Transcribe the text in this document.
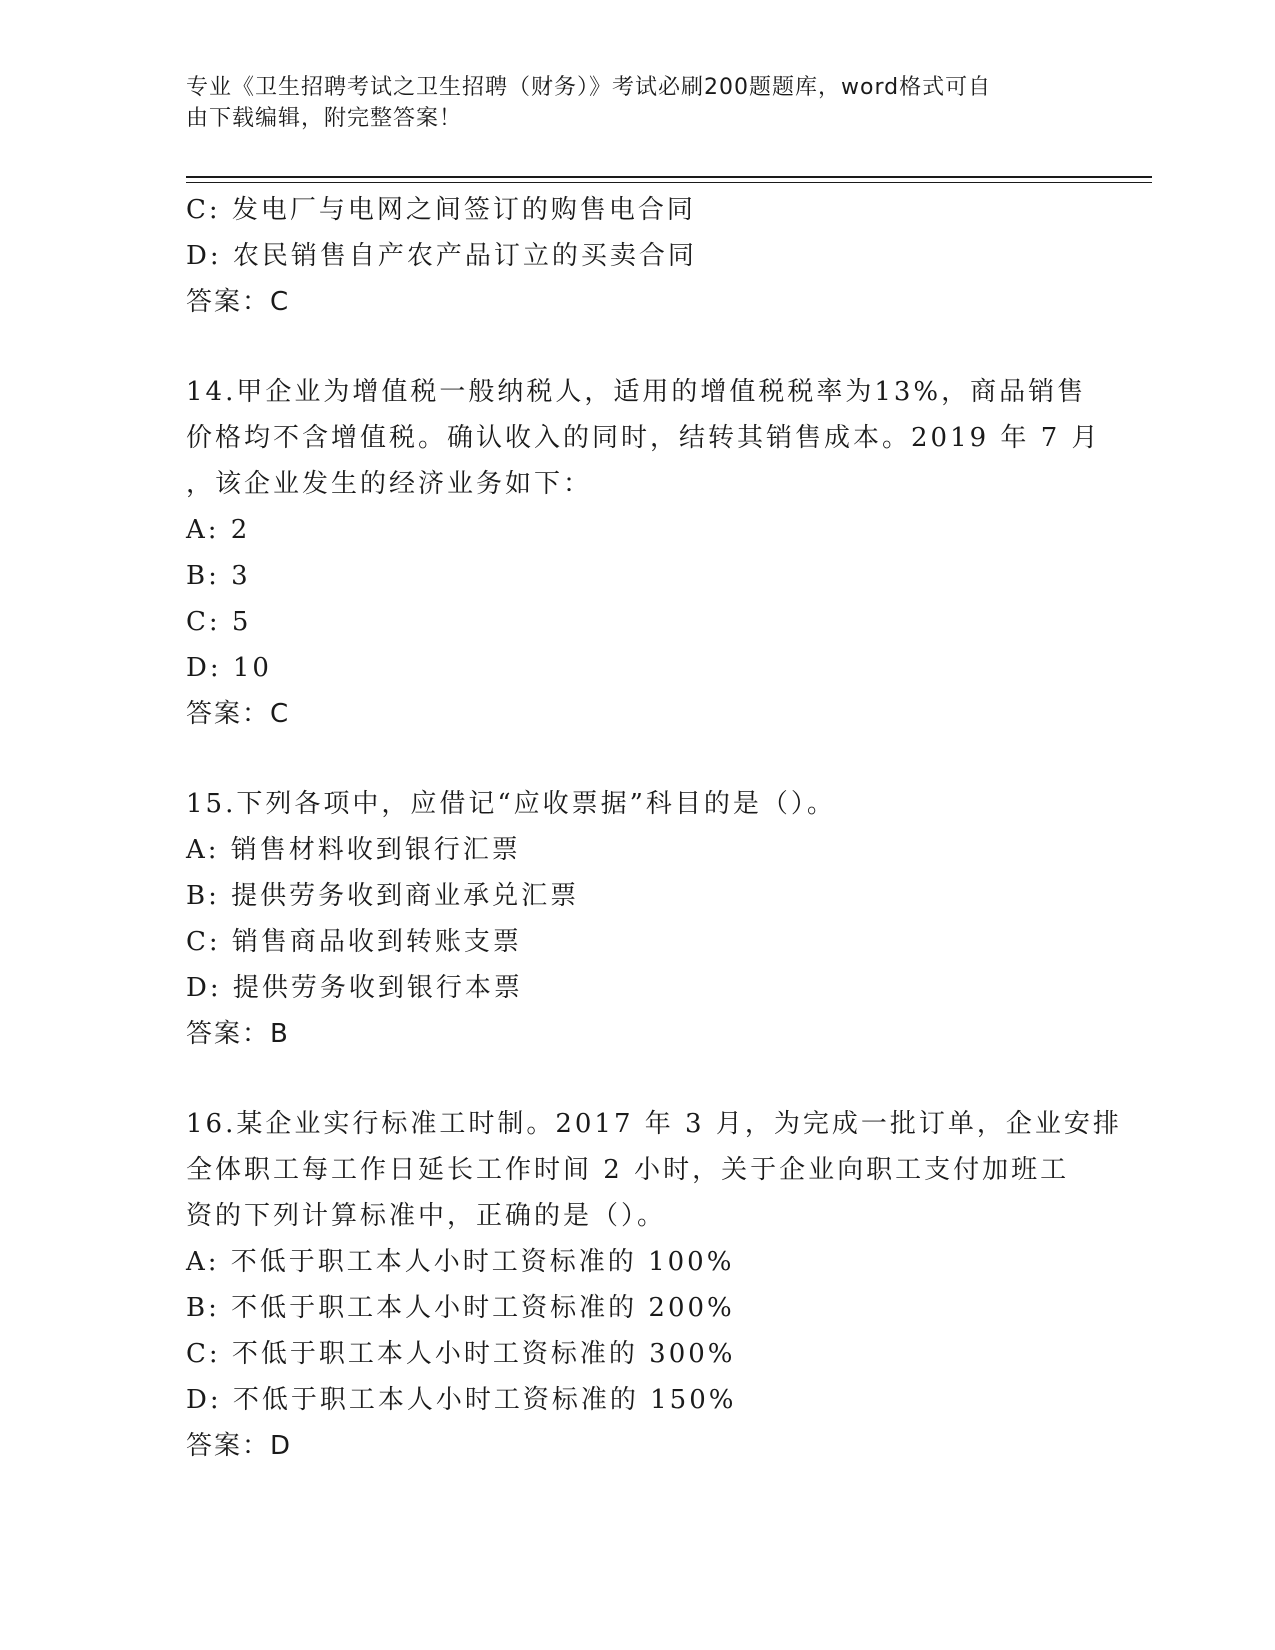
专业《卫生招聘考试之卫生招聘（财务）》考试必刷200题题库，word格式可自
由下载编辑，附完整答案！
C: 发电厂与电网之间签订的购售电合同
D: 农民销售自产农产品订立的买卖合同
答案：C
14.甲企业为增值税一般纳税人，适用的增值税税率为13%，商品销售
价格均不含增值税。确认收入的同时，结转其销售成本。2019 年 7 月
，该企业发生的经济业务如下：
A: 2
B: 3
C: 5
D: 10
答案：C
15.下列各项中，应借记“应收票据”科目的是（）。
A: 销售材料收到银行汇票
B: 提供劳务收到商业承兑汇票
C: 销售商品收到转账支票
D: 提供劳务收到银行本票
答案：B
16.某企业实行标准工时制。2017 年 3 月，为完成一批订单，企业安排
全体职工每工作日延长工作时间 2 小时，关于企业向职工支付加班工
资的下列计算标准中，正确的是（）。
A: 不低于职工本人小时工资标准的 100%
B: 不低于职工本人小时工资标准的 200%
C: 不低于职工本人小时工资标准的 300%
D: 不低于职工本人小时工资标准的 150%
答案：D
